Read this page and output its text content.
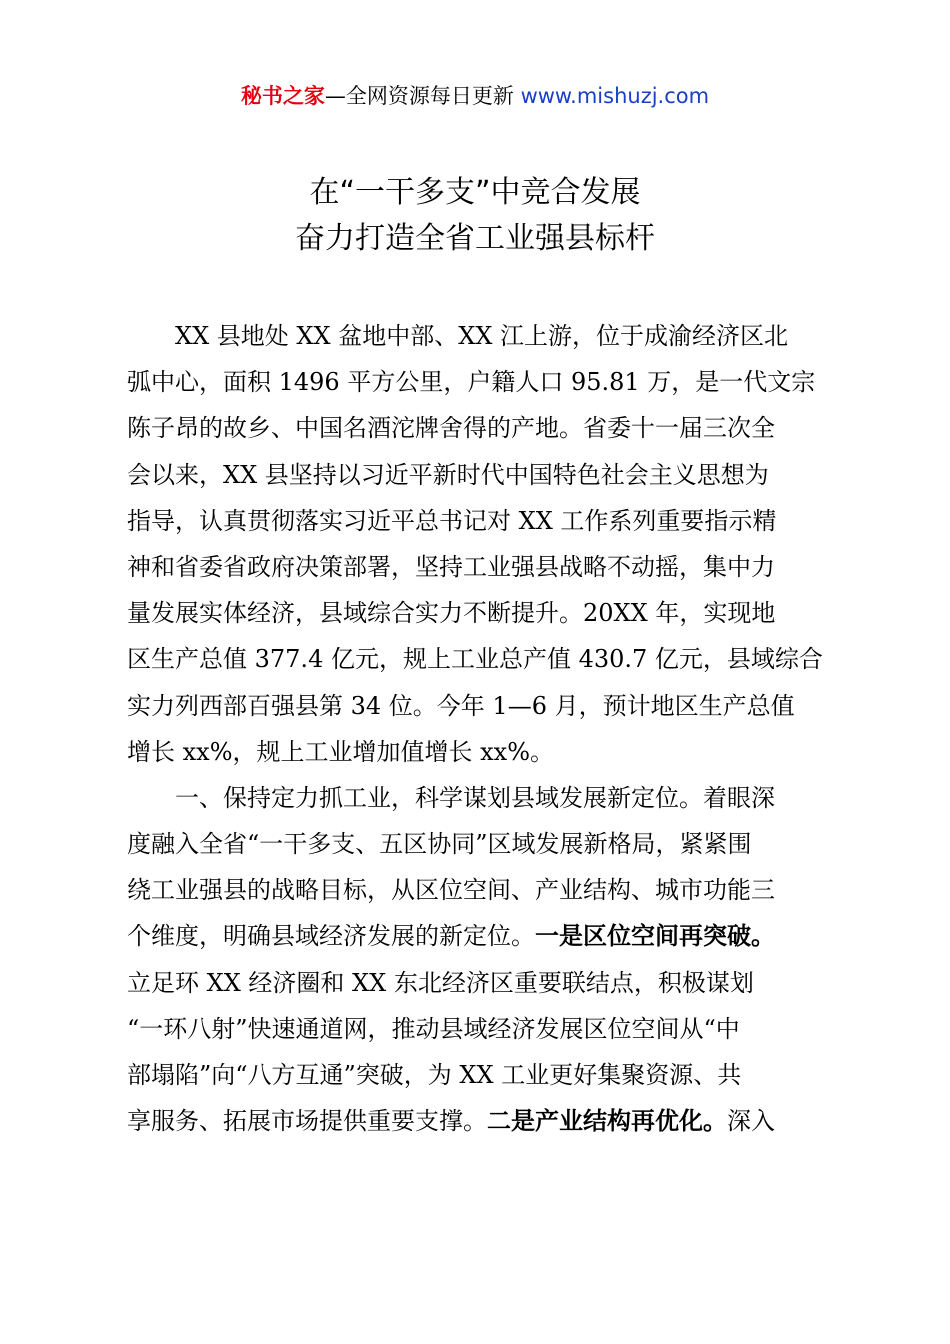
秘书之家—全网资源每日更新 www.mishuzj.com
在“一干多支”中竞合发展
奋力打造全省工业强县标杆
XX 县地处 XX 盆地中部、XX 江上游，位于成渝经济区北
弧中心，面积 1496 平方公里，户籍人口 95.81 万，是一代文宗
陈子昂的故乡、中国名酒沱牌舍得的产地。省委十一届三次全
会以来，XX 县坚持以习近平新时代中国特色社会主义思想为
指导，认真贯彻落实习近平总书记对 XX 工作系列重要指示精
神和省委省政府决策部署，坚持工业强县战略不动摇，集中力
量发展实体经济，县域综合实力不断提升。20XX 年，实现地
区生产总值 377.4 亿元，规上工业总产值 430.7 亿元，县域综合
实力列西部百强县第 34 位。今年 1—6 月，预计地区生产总值
增长 xx%，规上工业增加值增长 xx%。
一、保持定力抓工业，科学谋划县域发展新定位。着眼深
度融入全省“一干多支、五区协同”区域发展新格局，紧紧围
绕工业强县的战略目标，从区位空间、产业结构、城市功能三
个维度，明确县域经济发展的新定位。一是区位空间再突破。
立足环 XX 经济圈和 XX 东北经济区重要联结点，积极谋划
“一环八射”快速通道网，推动县域经济发展区位空间从“中
部塌陷”向“八方互通”突破，为 XX 工业更好集聚资源、共
享服务、拓展市场提供重要支撑。二是产业结构再优化。深入
